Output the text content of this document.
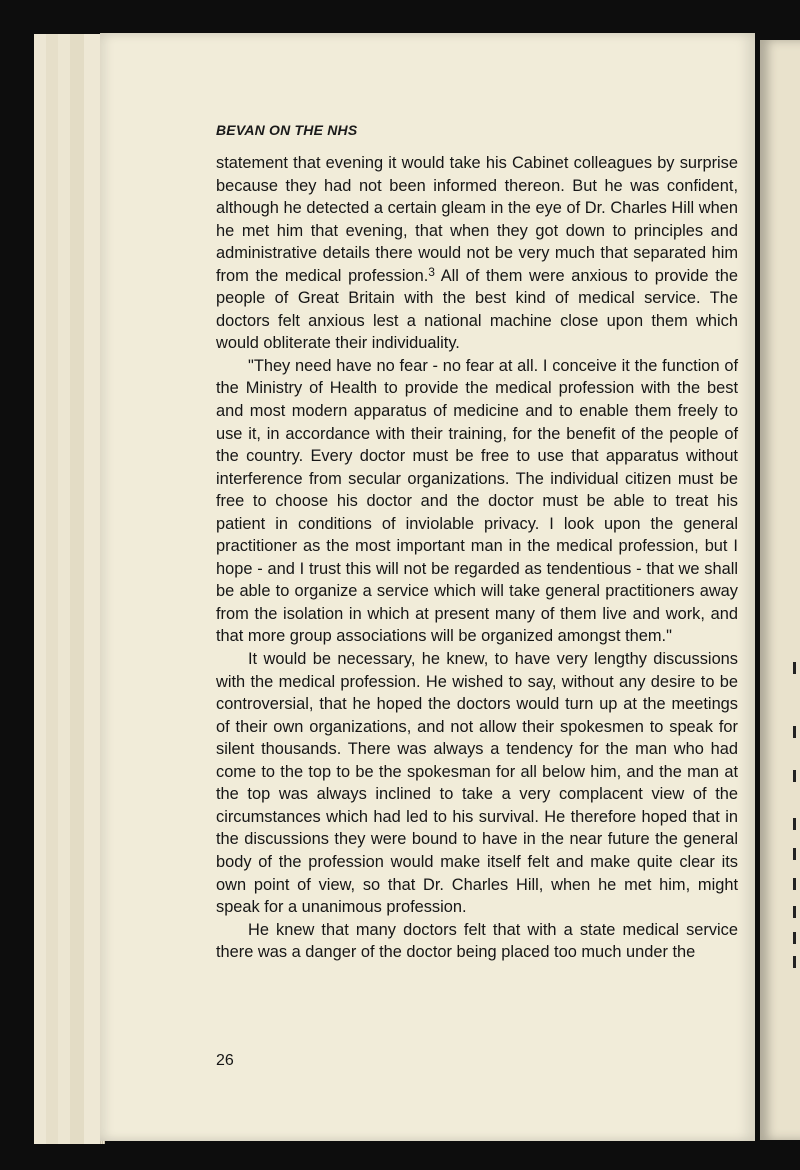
BEVAN ON THE NHS

statement that evening it would take his Cabinet colleagues by surprise because they had not been informed thereon. But he was confident, although he detected a certain gleam in the eye of Dr. Charles Hill when he met him that evening, that when they got down to principles and administrative details there would not be very much that separated him from the medical profession.$^3$ All of them were anxious to provide the people of Great Britain with the best kind of medical service. The doctors felt anxious lest a national machine close upon them which would obliterate their individuality.

"They need have no fear - no fear at all. I conceive it the function of the Ministry of Health to provide the medical profession with the best and most modern apparatus of medicine and to enable them freely to use it, in accordance with their training, for the benefit of the people of the country. Every doctor must be free to use that apparatus without interference from secular organizations. The individual citizen must be free to choose his doctor and the doctor must be able to treat his patient in conditions of inviolable privacy. I look upon the general practitioner as the most important man in the medical profession, but I hope - and I trust this will not be regarded as tendentious - that we shall be able to organize a service which will take general practitioners away from the isolation in which at present many of them live and work, and that more group associations will be organized amongst them."

It would be necessary, he knew, to have very lengthy discussions with the medical profession. He wished to say, without any desire to be controversial, that he hoped the doctors would turn up at the meetings of their own organizations, and not allow their spokesmen to speak for silent thousands. There was always a tendency for the man who had come to the top to be the spokesman for all below him, and the man at the top was always inclined to take a very complacent view of the circumstances which had led to his survival. He therefore hoped that in the discussions they were bound to have in the near future the general body of the profession would make itself felt and make quite clear its own point of view, so that Dr. Charles Hill, when he met him, might speak for a unanimous profession.

He knew that many doctors felt that with a state medical service there was a danger of the doctor being placed too much under the

26
